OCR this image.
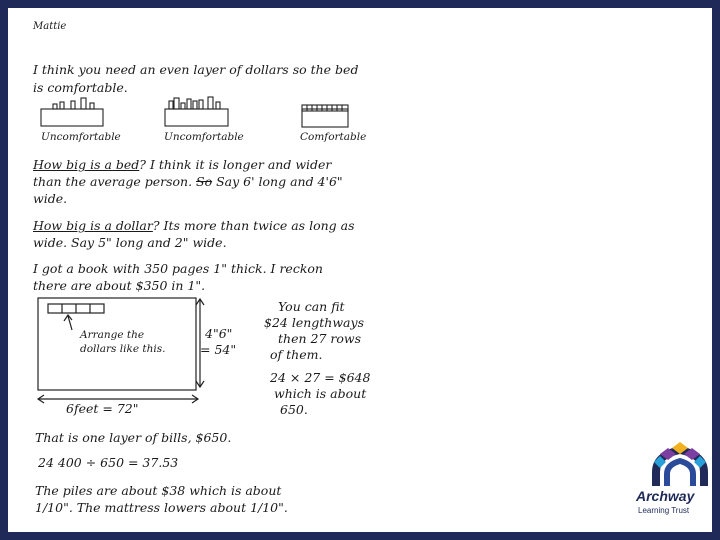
Mattie
I think you need an even layer of dollars so the bed
is comfortable.
Uncomfortable	Uncomfortable	Comfortable
How big is a bed? I think it is longer and wider
than the average person. So Say 6' long and 4'6"
wide.
How big is a dollar? Its more than twice as long as
wide. Say 5" long and 2" wide.
I got a book with 350 pages 1" thick. I reckon
there are about $350 in 1".
Arrange the
dollars like this.
4"6"
= 54"
6feet = 72"
You can fit
$24 lengthways
then 27 rows
of them.
24 × 27 = $648
which is about
650.
That is one layer of bills, $650.
24 400 ÷ 650 = 37.53
The piles are about $38 which is about
1/10". The mattress lowers about 1/10".
Archway
Learning Trust
